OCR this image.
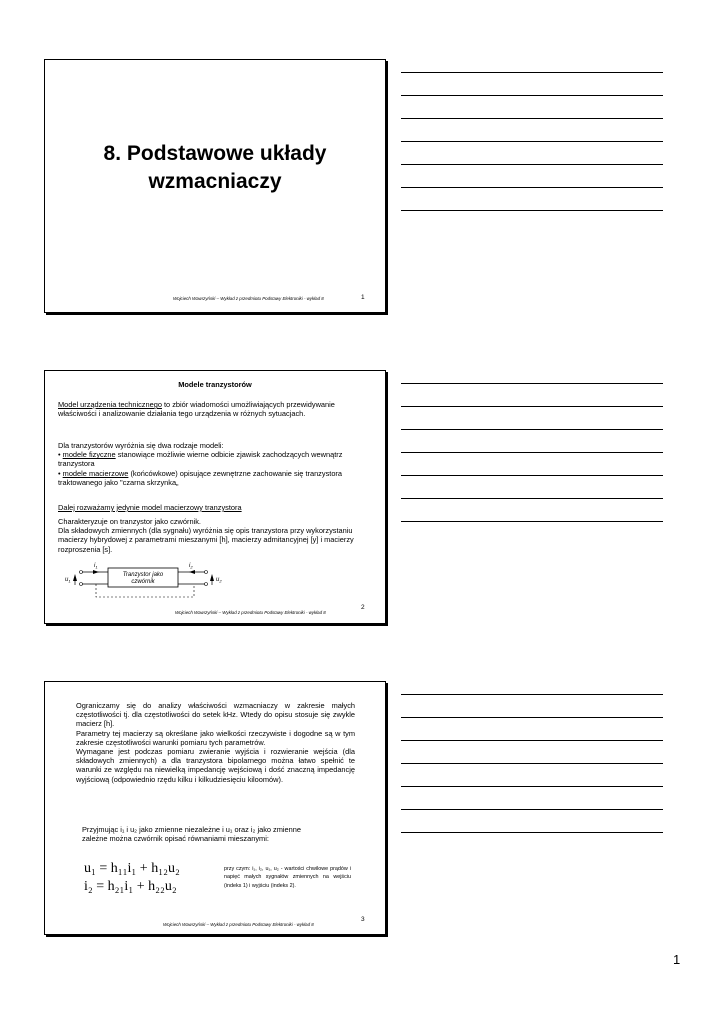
8. Podstawowe układy
wzmacniaczy
Wojciech Wawrzyński – Wykład z przedmiotu Podstawy Elektroniki - wykład 8	1
Modele tranzystorów
Model urządzenia technicznego to zbiór wiadomości umożliwiających przewidywanie właściwości i analizowanie działania tego urządzenia w różnych sytuacjach.
Dla tranzystorów wyróżnia się dwa rodzaje modeli:
• modele fizyczne stanowiące możliwie wierne odbicie zjawisk zachodzących wewnątrz tranzystora
• modele macierzowe (końcówkowe) opisujące zewnętrzne zachowanie się tranzystora traktowanego jako "czarna skrzynka„
Dalej rozważamy jedynie model macierzowy tranzystora
Charakteryzuje on tranzystor jako czwórnik.
Dla składowych zmiennych (dla sygnału) wyróżnia się opis tranzystora przy wykorzystaniu macierzy hybrydowej z parametrami mieszanymi [h], macierzy admitancyjnej [y] i macierzy rozproszenia [s].
Tranzystor jako
czwórnik
$i_1$	$i_2$
$u_1$	$u_2$
Wojciech Wawrzyński – Wykład z przedmiotu Podstawy Elektroniki - wykład 8
2
Ograniczamy się do analizy właściwości wzmacniaczy w zakresie małych częstotliwości tj. dla częstotliwości do setek kHz. Wtedy do opisu stosuje się zwykle macierz [h].
Parametry tej macierzy są określane jako wielkości rzeczywiste i dogodne są w tym zakresie częstotliwości warunki pomiaru tych parametrów.
Wymagane jest podczas pomiaru zwieranie wyjścia i rozwieranie wejścia (dla składowych zmiennych) a dla tranzystora bipolarnego można łatwo spełnić te warunki ze względu na niewielką impedancję wejściową i dość znaczną impedancję wyjściową (odpowiednio rzędu kilku i kilkudziesięciu kiloomów).
Przyjmując i₁ i u₂ jako zmienne niezależne i u₁ oraz i₂ jako zmienne
zależne można czwórnik opisać równaniami mieszanymi:
u₁ = h₁₁i₁ + h₁₂u₂
i₂ = h₂₁i₁ + h₂₂u₂
przy czym: i₁, i₂, u₁, u₂ - wartości chwilowe prądów i napięć małych sygnałów zmiennych na wejściu (indeks 1) i wyjściu (indeks 2).
Wojciech Wawrzyński – Wykład z przedmiotu Podstawy Elektroniki - wykład 8
3
1
